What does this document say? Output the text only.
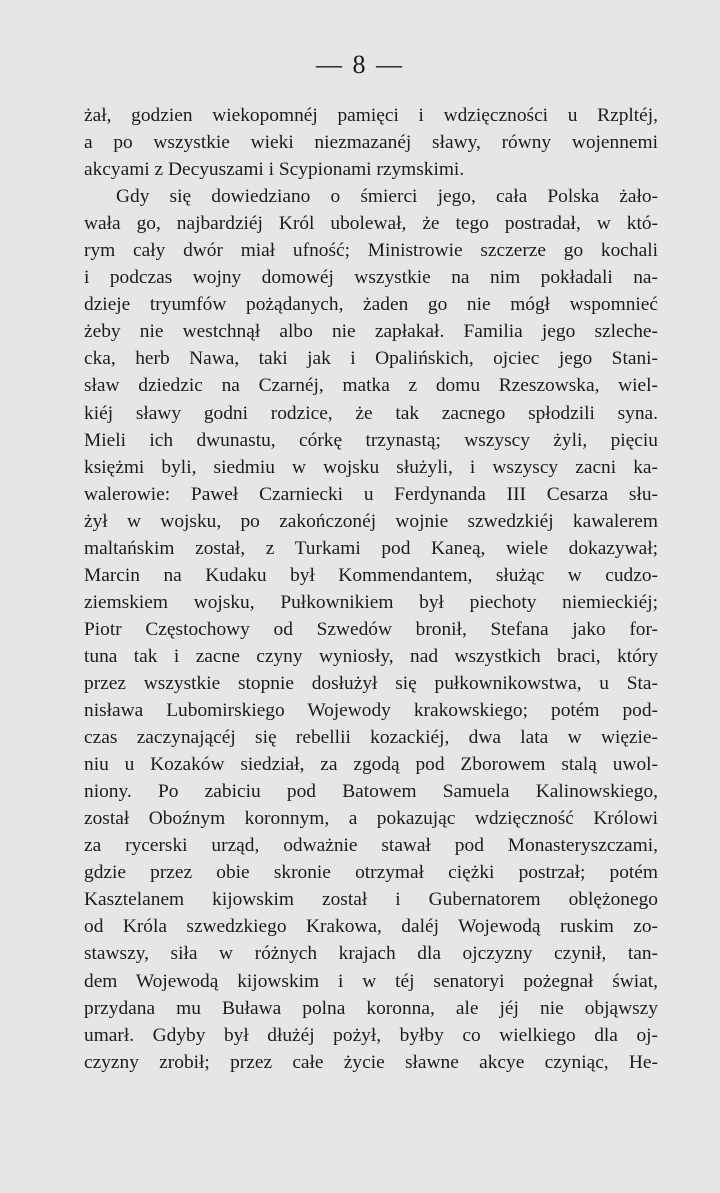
— 8 —
żał, godzien wiekopomnéj pamięci i wdzięczności u Rzpltéj,
a po wszystkie wieki niezmazanéj sławy, równy wojennemi
akcyami z Decyuszami i Scypionami rzymskimi.
Gdy się dowiedziano o śmierci jego, cała Polska żało-
wała go, najbardziéj Król ubolewał, że tego postradał, w któ-
rym cały dwór miał ufność; Ministrowie szczerze go kochali
i podczas wojny domowéj wszystkie na nim pokładali na-
dzieje tryumfów pożądanych, żaden go nie mógł wspomnieć
żeby nie westchnął albo nie zapłakał. Familia jego szleche-
cka, herb Nawa, taki jak i Opalińskich, ojciec jego Stani-
sław dziedzic na Czarnéj, matka z domu Rzeszowska, wiel-
kiéj sławy godni rodzice, że tak zacnego spłodzili syna.
Mieli ich dwunastu, córkę trzynastą; wszyscy żyli, pięciu
księżmi byli, siedmiu w wojsku służyli, i wszyscy zacni ka-
walerowie: Paweł Czarniecki u Ferdynanda III Cesarza słu-
żył w wojsku, po zakończonéj wojnie szwedzkiéj kawalerem
maltańskim został, z Turkami pod Kaneą, wiele dokazywał;
Marcin na Kudaku był Kommendantem, służąc w cudzo-
ziemskiem wojsku, Pułkownikiem był piechoty niemieckiéj;
Piotr Częstochowy od Szwedów bronił, Stefana jako for-
tuna tak i zacne czyny wyniosły, nad wszystkich braci, który
przez wszystkie stopnie dosłużył się pułkownikowstwa, u Sta-
nisława Lubomirskiego Wojewody krakowskiego; potém pod-
czas zaczynającéj się rebellii kozackiéj, dwa lata w więzie-
niu u Kozaków siedział, za zgodą pod Zborowem stalą uwol-
niony. Po zabiciu pod Batowem Samuela Kalinowskiego,
został Oboźnym koronnym, a pokazując wdzięczność Królowi
za rycerski urząd, odważnie stawał pod Monasteryszczami,
gdzie przez obie skronie otrzymał ciężki postrzał; potém
Kasztelanem kijowskim został i Gubernatorem oblężonego
od Króla szwedzkiego Krakowa, daléj Wojewodą ruskim zo-
stawszy, siła w różnych krajach dla ojczyzny czynił, tan-
dem Wojewodą kijowskim i w téj senatoryi pożegnał świat,
przydana mu Buława polna koronna, ale jéj nie objąwszy
umarł. Gdyby był dłużéj pożył, byłby co wielkiego dla oj-
czyzny zrobił; przez całe życie sławne akcye czyniąc, He-
